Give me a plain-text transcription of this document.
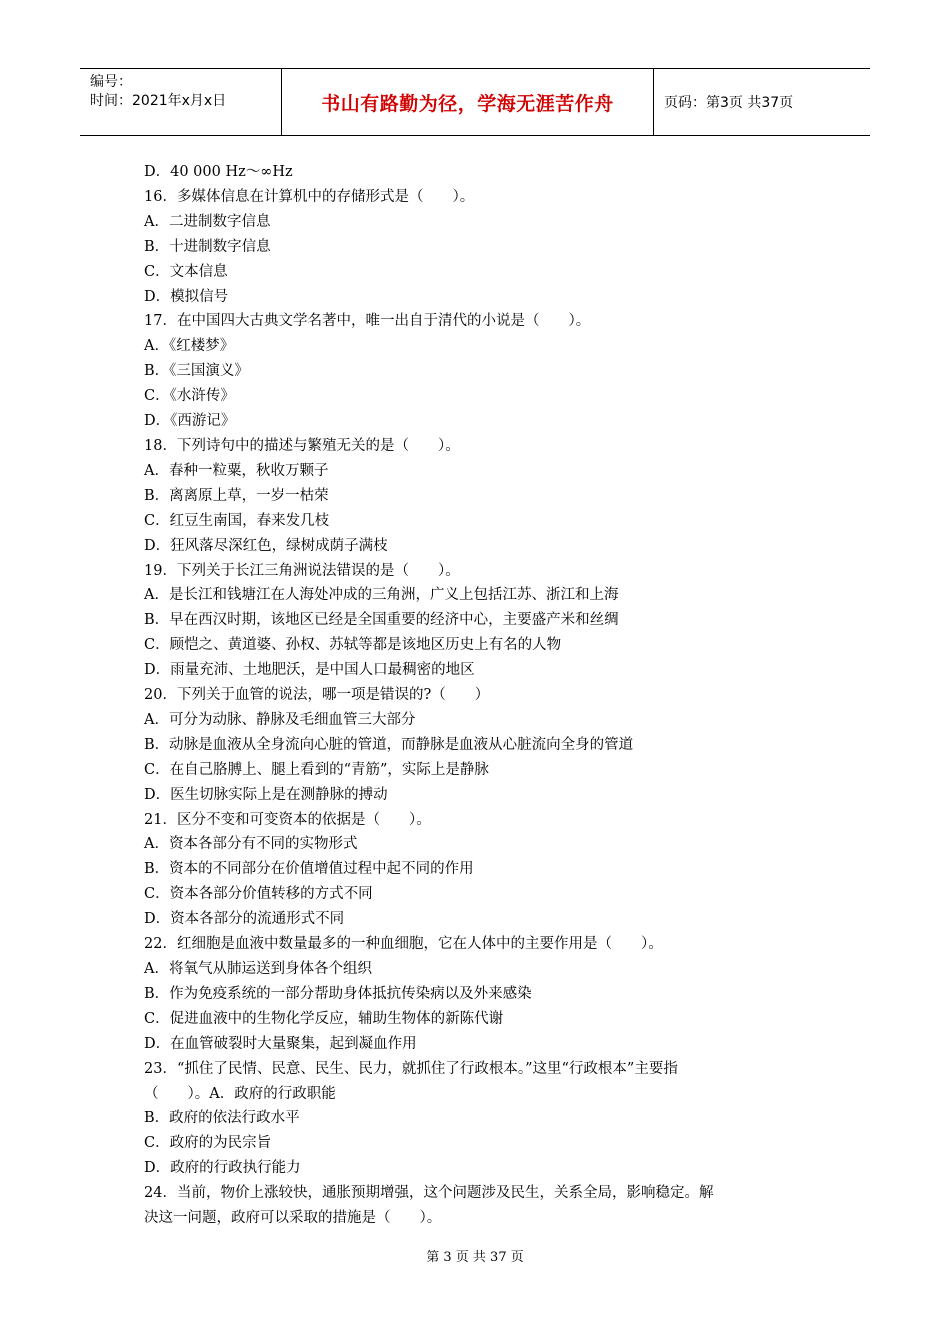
编号：
时间：2021年x月x日	书山有路勤为径，学海无涯苦作舟	页码：第3页 共37页
D．40 000 Hz～∞Hz
16．多媒体信息在计算机中的存储形式是（　　）。
A．二进制数字信息
B．十进制数字信息
C．文本信息
D．模拟信号
17．在中国四大古典文学名著中，唯一出自于清代的小说是（　　）。
A．《红楼梦》
B．《三国演义》
C．《水浒传》
D．《西游记》
18．下列诗句中的描述与繁殖无关的是（　　）。
A．春种一粒粟，秋收万颗子
B．离离原上草，一岁一枯荣
C．红豆生南国，春来发几枝
D．狂风落尽深红色，绿树成荫子满枝
19．下列关于长江三角洲说法错误的是（　　）。
A．是长江和钱塘江在人海处冲成的三角洲，广义上包括江苏、浙江和上海
B．早在西汉时期，该地区已经是全国重要的经济中心，主要盛产米和丝绸
C．顾恺之、黄道婆、孙权、苏轼等都是该地区历史上有名的人物
D．雨量充沛、土地肥沃，是中国人口最稠密的地区
20．下列关于血管的说法，哪一项是错误的?（　　）
A．可分为动脉、静脉及毛细血管三大部分
B．动脉是血液从全身流向心脏的管道，而静脉是血液从心脏流向全身的管道
C．在自己胳膊上、腿上看到的“青筋”，实际上是静脉
D．医生切脉实际上是在测静脉的搏动
21．区分不变和可变资本的依据是（　　）。
A．资本各部分有不同的实物形式
B．资本的不同部分在价值增值过程中起不同的作用
C．资本各部分价值转移的方式不同
D．资本各部分的流通形式不同
22．红细胞是血液中数量最多的一种血细胞，它在人体中的主要作用是（　　）。
A．将氧气从肺运送到身体各个组织
B．作为免疫系统的一部分帮助身体抵抗传染病以及外来感染
C．促进血液中的生物化学反应，辅助生物体的新陈代谢
D．在血管破裂时大量聚集，起到凝血作用
23．“抓住了民情、民意、民生、民力，就抓住了行政根本。”这里“行政根本”主要指
（　　）。A．政府的行政职能
B．政府的依法行政水平
C．政府的为民宗旨
D．政府的行政执行能力
24．当前，物价上涨较快，通胀预期增强，这个问题涉及民生，关系全局，影响稳定。解
决这一问题，政府可以采取的措施是（　　）。
第 3 页 共 37 页
